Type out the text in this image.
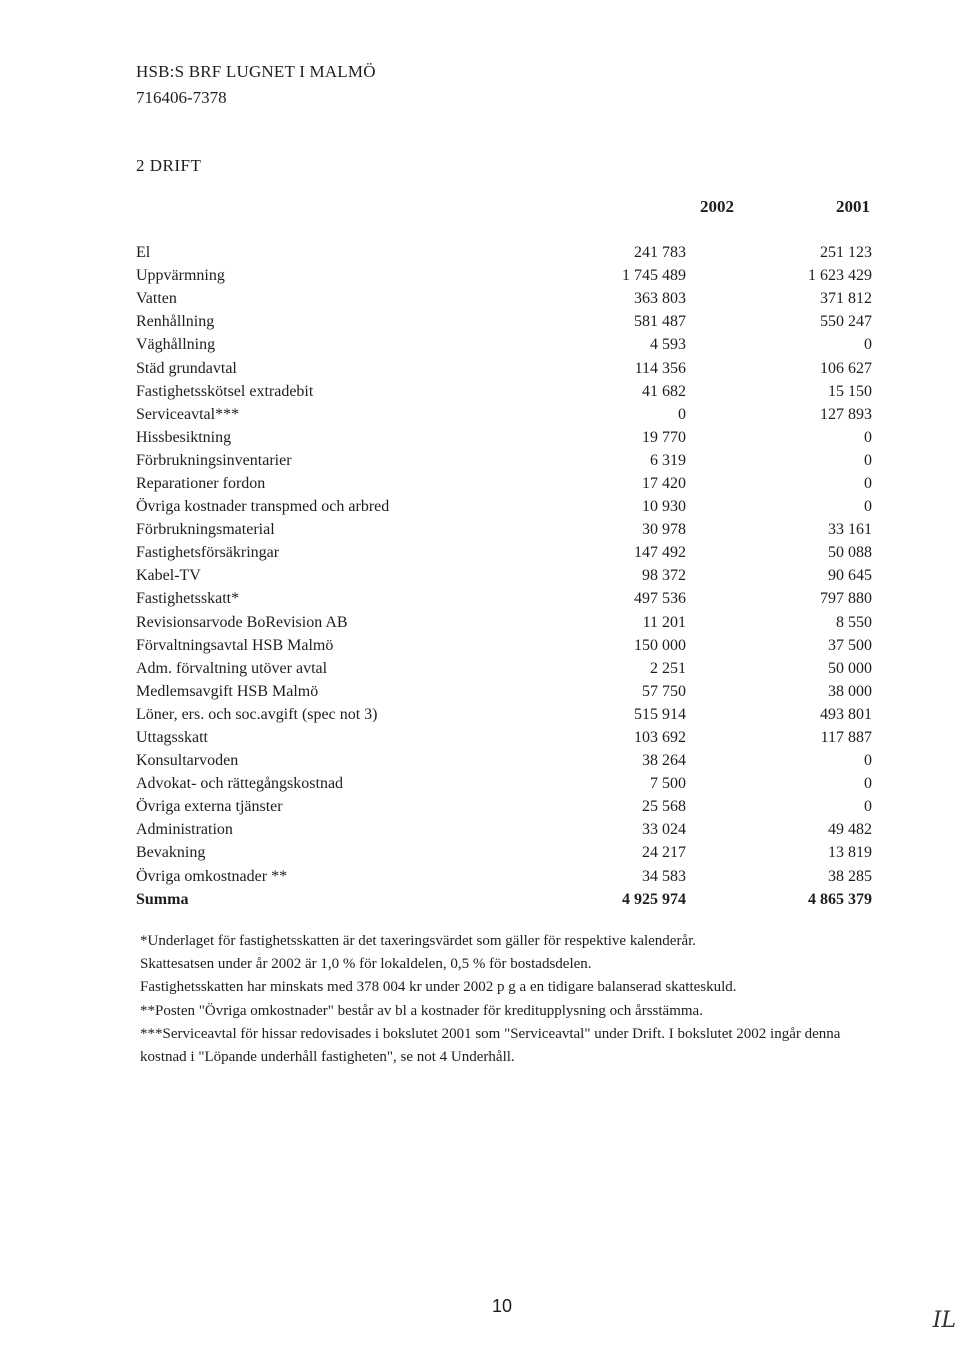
HSB:S BRF LUGNET I MALMÖ
716406-7378
2 DRIFT
2002	2001
El	241 783		251 123
Uppvärmning	1 745 489		1 623 429
Vatten	363 803		371 812
Renhållning	581 487		550 247
Väghållning	4 593		0
Städ grundavtal	114 356		106 627
Fastighetsskötsel extradebit	41 682		15 150
Serviceavtal***	0		127 893
Hissbesiktning	19 770		0
Förbrukningsinventarier	6 319		0
Reparationer fordon	17 420		0
Övriga kostnader transpmed och arbred	10 930		0
Förbrukningsmaterial	30 978		33 161
Fastighetsförsäkringar	147 492		50 088
Kabel-TV	98 372		90 645
Fastighetsskatt*	497 536		797 880
Revisionsarvode BoRevision AB	11 201		8 550
Förvaltningsavtal HSB Malmö	150 000		37 500
Adm. förvaltning utöver avtal	2 251		50 000
Medlemsavgift HSB Malmö	57 750		38 000
Löner, ers. och soc.avgift (spec not 3)	515 914		493 801
Uttagsskatt	103 692		117 887
Konsultarvoden	38 264		0
Advokat- och rättegångskostnad	7 500		0
Övriga externa tjänster	25 568		0
Administration	33 024		49 482
Bevakning	24 217		13 819
Övriga omkostnader **	34 583		38 285
Summa	4 925 974		4 865 379

*Underlaget för fastighetsskatten är det taxeringsvärdet som gäller för respektive kalenderår.

Skattesatsen under år 2002 är 1,0 % för lokaldelen, 0,5 % för bostadsdelen.

Fastighetsskatten har minskats med 378 004 kr under 2002 p g a en tidigare balanserad skatteskuld.

**Posten "Övriga omkostnader" består av bl a kostnader för kreditupplysning och årsstämma.

***Serviceavtal för hissar redovisades i bokslutet 2001 som "Serviceavtal" under Drift. I bokslutet 2002 ingår denna kostnad i "Löpande underhåll fastigheten", se not 4 Underhåll.

10
IL
